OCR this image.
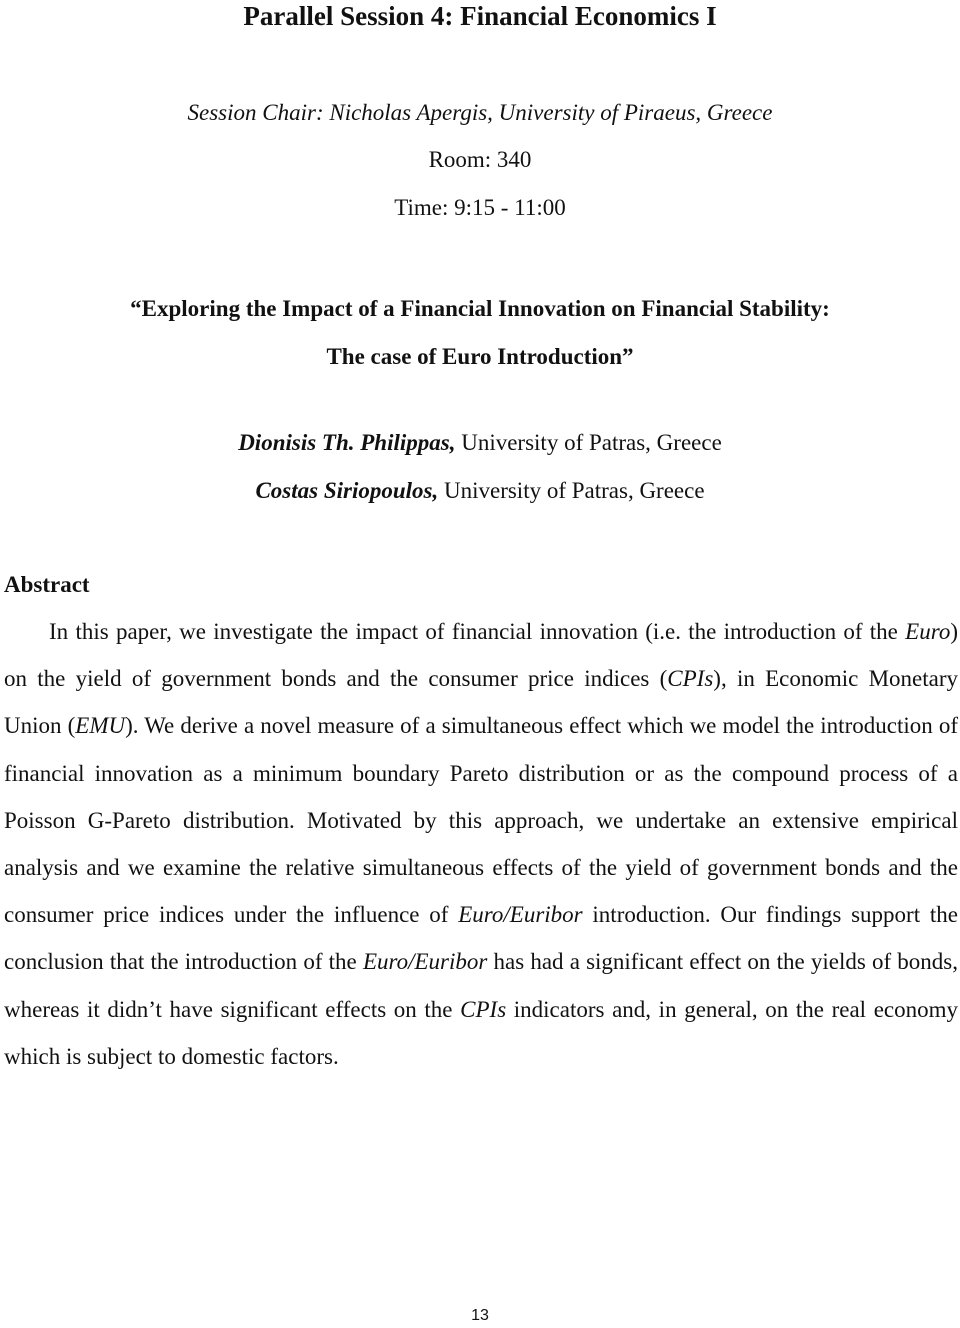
Parallel Session 4: Financial Economics I
Session Chair: Nicholas Apergis, University of Piraeus, Greece
Room: 340
Time: 9:15 - 11:00
“Exploring the Impact of a Financial Innovation on Financial Stability:
The case of Euro Introduction”
Dionisis Th. Philippas, University of Patras, Greece
Costas Siriopoulos, University of Patras, Greece
Abstract

In this paper, we investigate the impact of financial innovation (i.e. the introduction of the Euro) on the yield of government bonds and the consumer price indices (CPIs), in Economic Monetary Union (EMU). We derive a novel measure of a simultaneous effect which we model the introduction of financial innovation as a minimum boundary Pareto distribution or as the compound process of a Poisson G-Pareto distribution. Motivated by this approach, we undertake an extensive empirical analysis and we examine the relative simultaneous effects of the yield of government bonds and the consumer price indices under the influence of Euro/Euribor introduction. Our findings support the conclusion that the introduction of the Euro/Euribor has had a significant effect on the yields of bonds, whereas it didn’t have significant effects on the CPIs indicators and, in general, on the real economy which is subject to domestic factors.

13
